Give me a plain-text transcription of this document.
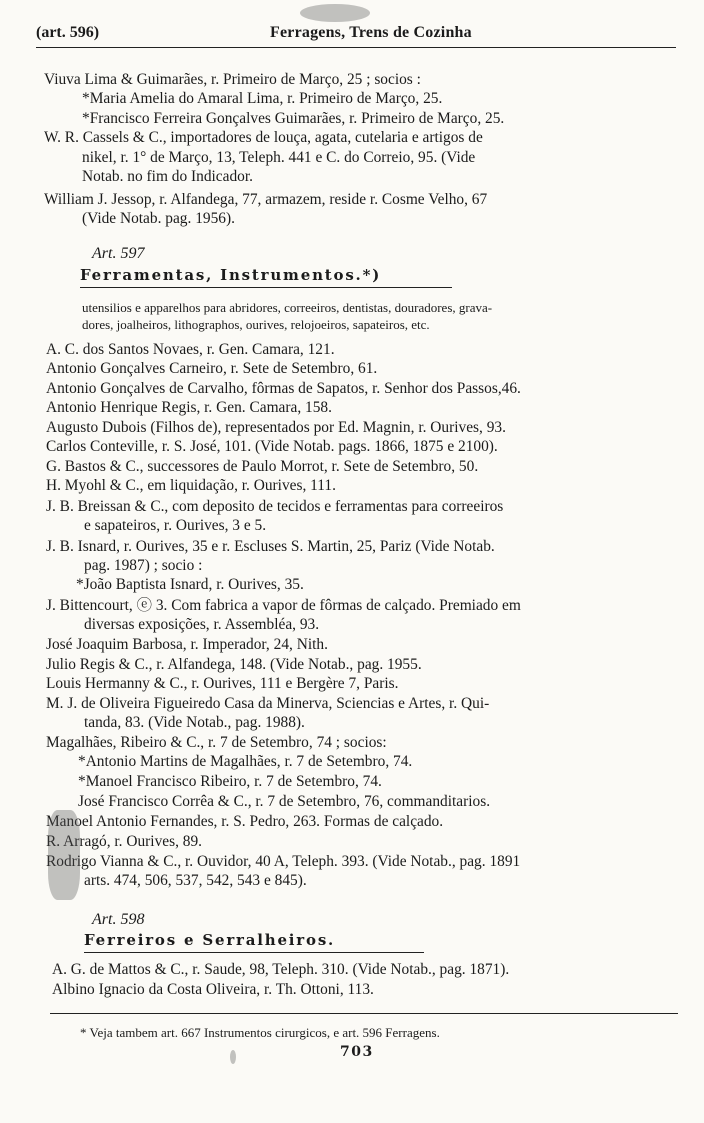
(art. 596)	Ferragens, Trens de Cozinha
Viuva Lima & Guimarães, r. Primeiro de Março, 25 ; socios :
*Maria Amelia do Amaral Lima, r. Primeiro de Março, 25.
*Francisco Ferreira Gonçalves Guimarães, r. Primeiro de Março, 25.
W. R. Cassels & C., importadores de louça, agata, cutelaria e artigos de
nikel, r. 1° de Março, 13, Teleph. 441 e C. do Correio, 95. (Vide
Notab. no fim do Indicador.
William J. Jessop, r. Alfandega, 77, armazem, reside r. Cosme Velho, 67
(Vide Notab. pag. 1956).
Art. 597
Ferramentas, Instrumentos.*)
utensilios e apparelhos para abridores, correeiros, dentistas, douradores, grava-
dores, joalheiros, lithographos, ourives, relojoeiros, sapateiros, etc.
A. C. dos Santos Novaes, r. Gen. Camara, 121.
Antonio Gonçalves Carneiro, r. Sete de Setembro, 61.
Antonio Gonçalves de Carvalho, fôrmas de Sapatos, r. Senhor dos Passos,46.
Antonio Henrique Regis, r. Gen. Camara, 158.
Augusto Dubois (Filhos de), representados por Ed. Magnin, r. Ourives, 93.
Carlos Conteville, r. S. José, 101. (Vide Notab. pags. 1866, 1875 e 2100).
G. Bastos & C., successores de Paulo Morrot, r. Sete de Setembro, 50.
H. Myohl & C., em liquidação, r. Ourives, 111.
J. B. Breissan & C., com deposito de tecidos e ferramentas para correeiros
e sapateiros, r. Ourives, 3 e 5.
J. B. Isnard, r. Ourives, 35 e r. Escluses S. Martin, 25, Pariz (Vide Notab.
pag. 1987) ; socio :
*João Baptista Isnard, r. Ourives, 35.
J. Bittencourt, ⓔ 3. Com fabrica a vapor de fôrmas de calçado. Premiado em
diversas exposições, r. Assembléa, 93.
José Joaquim Barbosa, r. Imperador, 24, Nith.
Julio Regis & C., r. Alfandega, 148. (Vide Notab., pag. 1955.
Louis Hermanny & C., r. Ourives, 111 e Bergère 7, Paris.
M. J. de Oliveira Figueiredo Casa da Minerva, Sciencias e Artes, r. Qui-
tanda, 83. (Vide Notab., pag. 1988).
Magalhães, Ribeiro & C., r. 7 de Setembro, 74 ; socios:
*Antonio Martins de Magalhães, r. 7 de Setembro, 74.
*Manoel Francisco Ribeiro, r. 7 de Setembro, 74.
José Francisco Corrêa & C., r. 7 de Setembro, 76, commanditarios.
Manoel Antonio Fernandes, r. S. Pedro, 263. Formas de calçado.
R. Arragó, r. Ourives, 89.
Rodrigo Vianna & C., r. Ouvidor, 40 A, Teleph. 393. (Vide Notab., pag. 1891
arts. 474, 506, 537, 542, 543 e 845).
Art. 598
Ferreiros e Serralheiros.
A. G. de Mattos & C., r. Saude, 98, Teleph. 310. (Vide Notab., pag. 1871).
Albino Ignacio da Costa Oliveira, r. Th. Ottoni, 113.
* Veja tambem art. 667 Instrumentos cirurgicos, e art. 596 Ferragens.
703
